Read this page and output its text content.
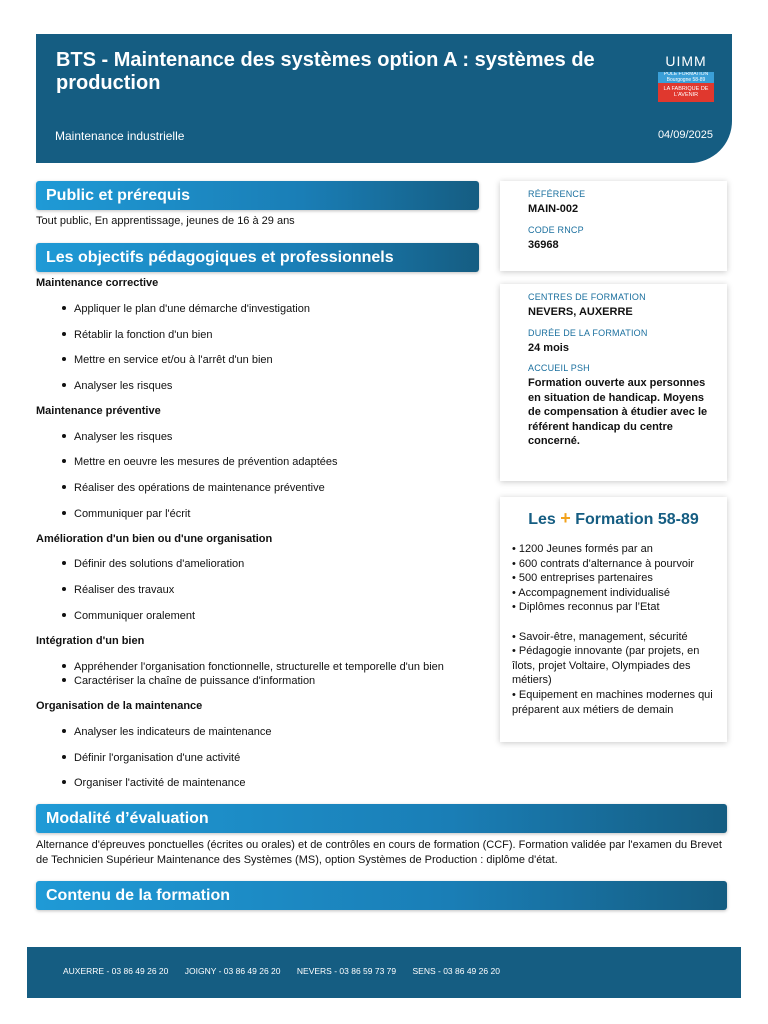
BTS - Maintenance des systèmes option A : systèmes de production
Maintenance industrielle	04/09/2025
UIMM
PÔLE FORMATION Bourgogne 58-89
LA FABRIQUE DE L'AVENIR
Public et prérequis
Tout public, En apprentissage, jeunes de 16 à 29 ans
Les objectifs pédagogiques et professionnels
Maintenance corrective
Appliquer le plan d'une démarche d'investigation
Rétablir la fonction d'un bien
Mettre en service et/ou à l'arrêt d'un bien
Analyser les risques
Maintenance préventive
Analyser les risques
Mettre en oeuvre les mesures de prévention adaptées
Réaliser des opérations de maintenance préventive
Communiquer par l'écrit
Amélioration d'un bien ou d'une organisation
Définir des solutions d'amelioration
Réaliser des travaux
Communiquer oralement
Intégration d'un bien
Appréhender l'organisation fonctionnelle, structurelle et temporelle d'un bien
Caractériser la chaîne de puissance d'information
Organisation de la maintenance
Analyser les indicateurs de maintenance
Définir l'organisation d'une activité
Organiser l'activité de maintenance
Modalité d’évaluation
Alternance d'épreuves ponctuelles (écrites ou orales) et de contrôles en cours de formation (CCF). Formation validée par l'examen du Brevet de Technicien Supérieur Maintenance des Systèmes (MS), option Systèmes de Production : diplôme d'état.
Contenu de la formation
RÉFÉRENCE
MAIN-002
CODE RNCP
36968
CENTRES DE FORMATION
NEVERS, AUXERRE
DURÉE DE LA FORMATION
24 mois
ACCUEIL PSH
Formation ouverte aux personnes en situation de handicap. Moyens de compensation à étudier avec le référent handicap du centre concerné.
Les + Formation 58-89
• 1200 Jeunes formés par an
• 600 contrats d'alternance à pourvoir
• 500 entreprises partenaires
• Accompagnement individualisé
• Diplômes reconnus par l’Etat
• Savoir-être, management, sécurité
• Pédagogie innovante (par projets, en îlots, projet Voltaire, Olympiades des métiers)
• Equipement en machines modernes qui préparent aux métiers de demain
AUXERRE - 03 86 49 26 20 JOIGNY - 03 86 49 26 20 NEVERS - 03 86 59 73 79 SENS - 03 86 49 26 20
